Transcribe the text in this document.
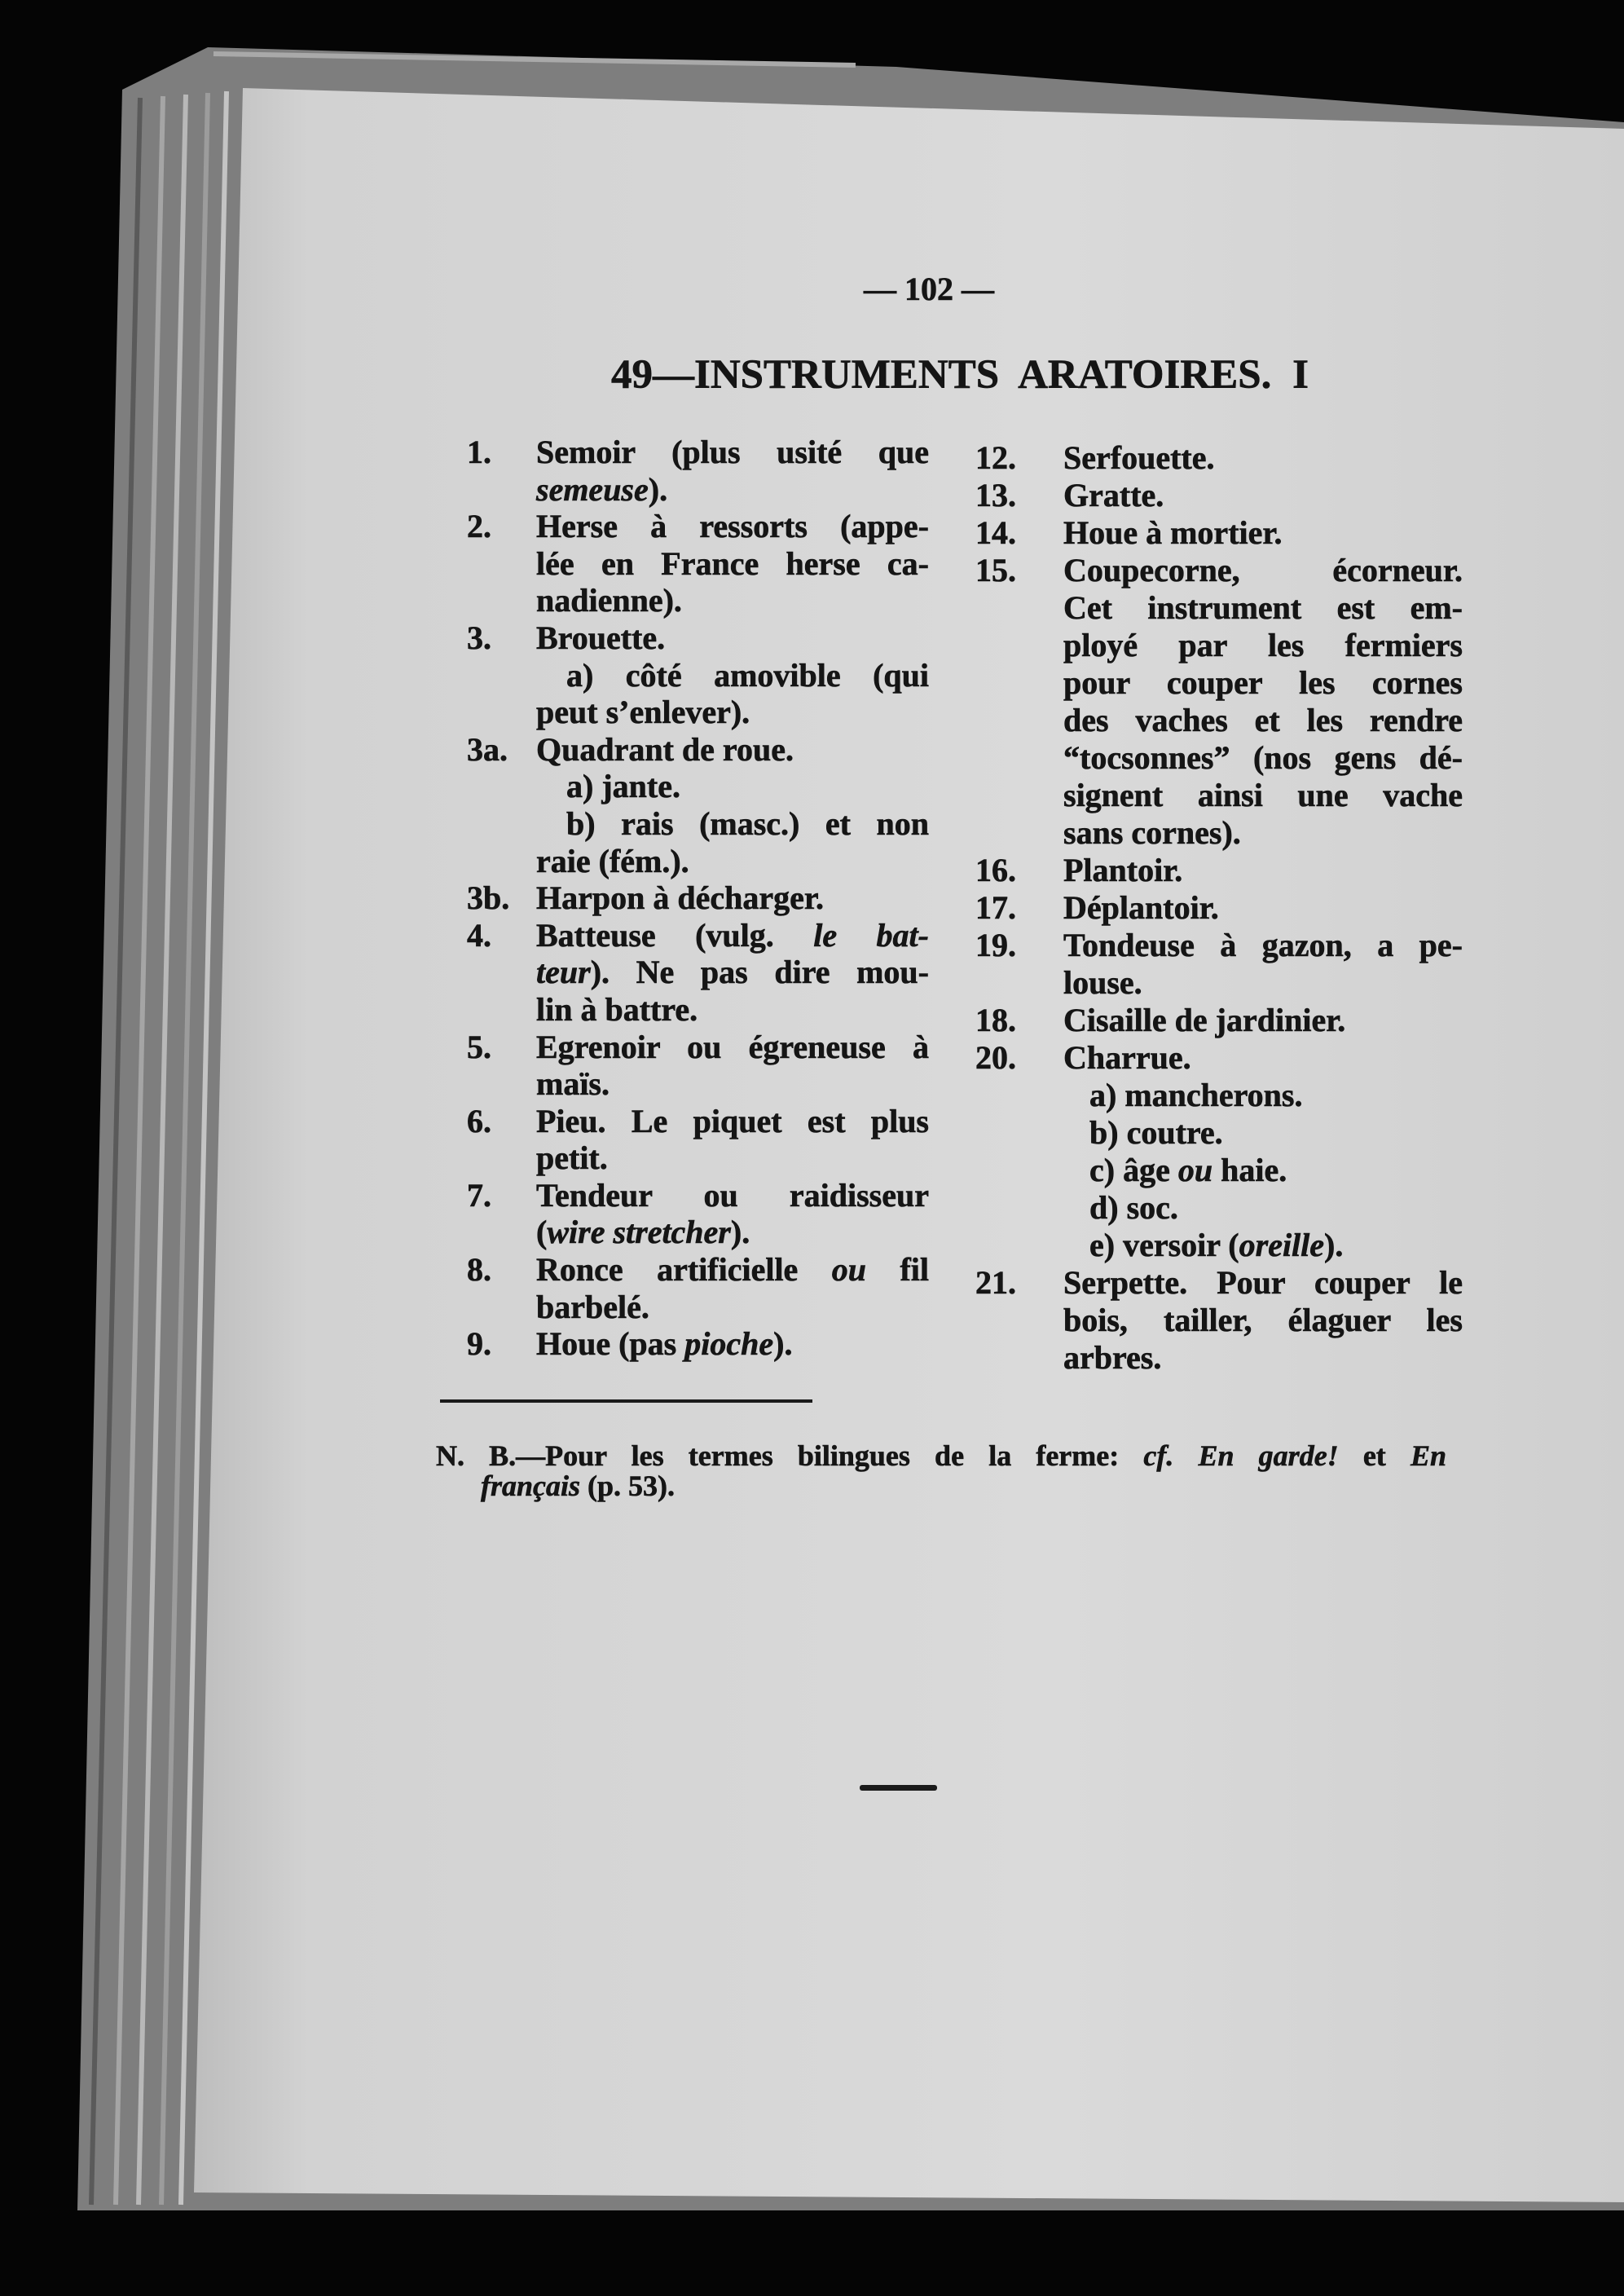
— 102 —
49—INSTRUMENTS ARATOIRES. I
1. Semoir (plus usité que
semeuse).
2. Herse à ressorts (appe-
lée en France herse ca-
nadienne).
3. Brouette.
a) côté amovible (qui
peut s’enlever).
3a. Quadrant de roue.
a) jante.
b) rais (masc.) et non
raie (fém.).
3b. Harpon à décharger.
4. Batteuse (vulg. le bat-
teur). Ne pas dire mou-
lin à battre.
5. Egrenoir ou égreneuse à
maïs.
6. Pieu. Le piquet est plus
petit.
7. Tendeur ou raidisseur
(wire stretcher).
8. Ronce artificielle ou fil
barbelé.
9. Houe (pas pioche).
12. Serfouette.
13. Gratte.
14. Houe à mortier.
15. Coupecorne, écorneur.
Cet instrument est em-
ployé par les fermiers
pour couper les cornes
des vaches et les rendre
“tocsonnes” (nos gens dé-
signent ainsi une vache
sans cornes).
16. Plantoir.
17. Déplantoir.
19. Tondeuse à gazon, a pe-
louse.
18. Cisaille de jardinier.
20. Charrue.
a) mancherons.
b) coutre.
c) âge ou haie.
d) soc.
e) versoir (oreille).
21. Serpette. Pour couper le
bois, tailler, élaguer les
arbres.
N. B.—Pour les termes bilingues de la ferme: cf. En garde! et En
français (p. 53).
